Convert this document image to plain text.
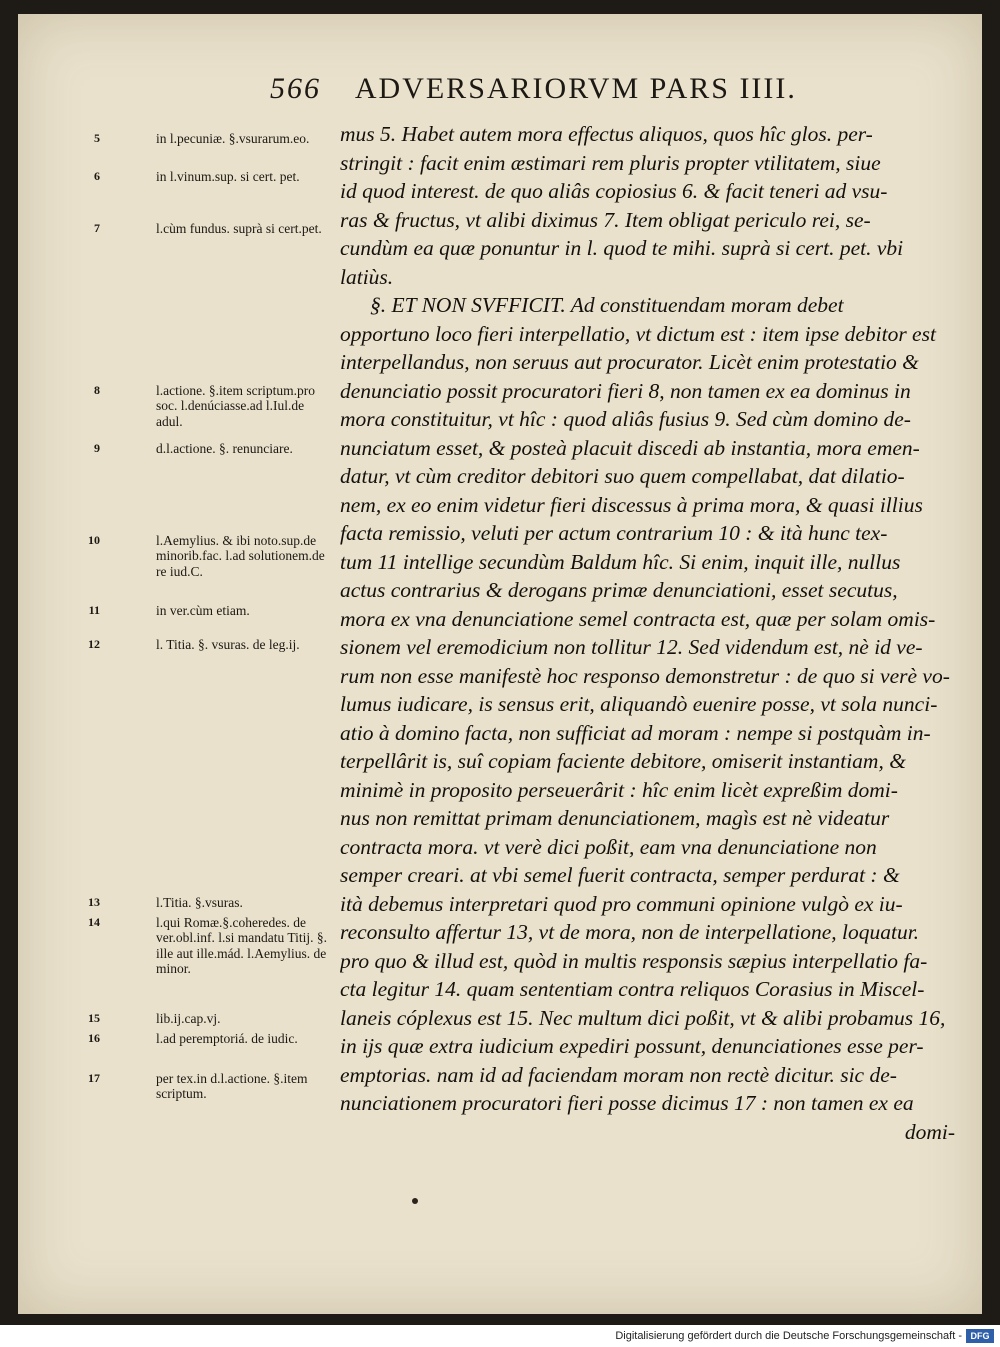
566 ADVERSARIORVM PARS IIII.
5	in l.pecuniæ. §.vsurarum.eo.
6	in l.vinum.sup. si cert. pet.
7	l.cùm fundus. suprà si cert.pet.
8	l.actione. §.item scriptum.pro soc. l.denúciasse.ad l.Iul.de adul.
9	d.l.actione. §. renunciare.
10	l.Aemylius. & ibi noto.sup.de minorib.fac. l.ad solutionem.de re iud.C.
11	in ver.cùm etiam.
12	l. Titia. §. vsuras. de leg.ij.
13	l.Titia. §.vsuras.
14	l.qui Romæ.§.coheredes. de ver.obl.inf. l.si mandatu Titij. §. ille aut ille.mád. l.Aemylius. de minor.
15	lib.ij.cap.vj.
16	l.ad peremptoriá. de iudic.
17	per tex.in d.l.actione. §.item scriptum.
mus 5. Habet autem mora effectus aliquos, quos hîc glos. per-
stringit : facit enim æstimari rem pluris propter vtilitatem, siue
id quod interest. de quo aliâs copiosius 6. & facit teneri ad vsu-
ras & fructus, vt alibi diximus 7. Item obligat periculo rei, se-
cundùm ea quæ ponuntur in l. quod te mihi. suprà si cert. pet. vbi
latiùs.
§. ET NON SVFFICIT. Ad constituendam moram debet
opportuno loco fieri interpellatio, vt dictum est : item ipse debitor est
interpellandus, non seruus aut procurator. Licèt enim protestatio &
denunciatio possit procuratori fieri 8, non tamen ex ea dominus in
mora constituitur, vt hîc : quod aliâs fusius 9. Sed cùm domino de-
nunciatum esset, & posteà placuit discedi ab instantia, mora emen-
datur, vt cùm creditor debitori suo quem compellabat, dat dilatio-
nem, ex eo enim videtur fieri discessus à prima mora, & quasi illius
facta remissio, veluti per actum contrarium 10 : & ità hunc tex-
tum 11 intellige secundùm Baldum hîc. Si enim, inquit ille, nullus
actus contrarius & derogans primæ denunciationi, esset secutus,
mora ex vna denunciatione semel contracta est, quæ per solam omis-
sionem vel eremodicium non tollitur 12. Sed videndum est, nè id ve-
rum non esse manifestè hoc responso demonstretur : de quo si verè vo-
lumus iudicare, is sensus erit, aliquandò euenire posse, vt sola nunci-
atio à domino facta, non sufficiat ad moram : nempe si postquàm in-
terpellârit is, suî copiam faciente debitore, omiserit instantiam, &
minimè in proposito perseuerârit : hîc enim licèt expreßim domi-
nus non remittat primam denunciationem, magìs est nè videatur
contracta mora. vt verè dici poßit, eam vna denunciatione non
semper creari. at vbi semel fuerit contracta, semper perdurat : &
ità debemus interpretari quod pro communi opinione vulgò ex iu-
reconsulto affertur 13, vt de mora, non de interpellatione, loquatur.
pro quo & illud est, quòd in multis responsis sæpius interpellatio fa-
cta legitur 14. quam sententiam contra reliquos Corasius in Miscel-
laneis cóplexus est 15. Nec multum dici poßit, vt & alibi probamus 16,
in ijs quæ extra iudicium expediri possunt, denunciationes esse per-
emptorias. nam id ad faciendam moram non rectè dicitur. sic de-
nunciationem procuratori fieri posse dicimus 17 : non tamen ex ea
domi-
Digitalisierung gefördert durch die Deutsche Forschungsgemeinschaft - DFG
